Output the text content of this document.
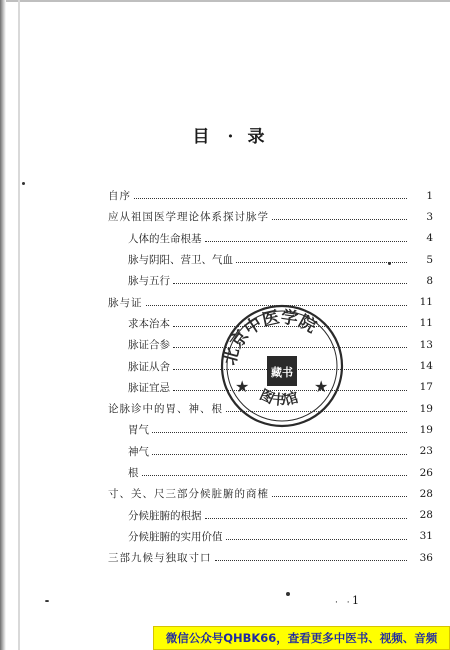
目· 录
自序	1
应从祖国医学理论体系探讨脉学	3
人体的生命根基	4
脉与阴阳、营卫、气血	5
脉与五行	8
脉与证	11
求本治本	11
脉证合参	13
脉证从舍	14
脉证宜忌	17
论脉诊中的胃、神、根	19
胃气	19
神气	23
根	26
寸、关、尺三部分候脏腑的商榷	28
分候脏腑的根据	28
分候脏腑的实用价值	31
三部九候与独取寸口	36
北京中医学院
图书馆
藏书
★	★
· · 1
微信公众号QHBK66，查看更多中医书、视频、音频
